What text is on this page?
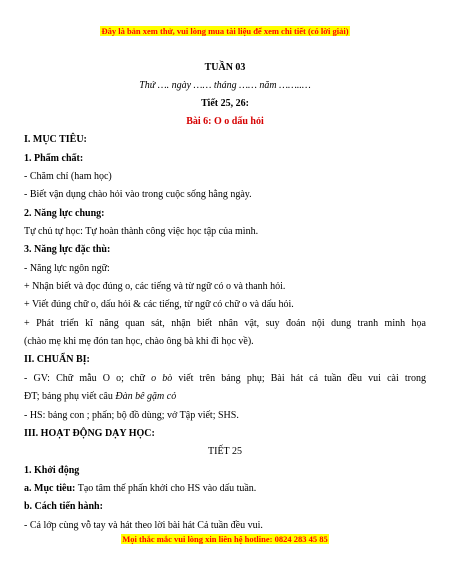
Đây là bản xem thử, vui lòng mua tài liệu để xem chi tiết (có lời giải)
TUẦN 03
Thứ …. ngày …… tháng …… năm ……..…
Tiết 25, 26:
Bài 6: O o dấu hỏi
I. MỤC TIÊU:
1. Phẩm chất:
- Chăm chỉ (ham học)
- Biết vận dụng chào hỏi vào trong cuộc sống hằng ngày.
2. Năng lực chung:
Tự chủ tự học: Tự hoàn thành công việc học tập của mình.
3. Năng lực đặc thù:
- Năng lực ngôn ngữ:
+ Nhận biết và đọc đúng o, các tiếng và từ ngữ có o và thanh hỏi.
+ Viết đúng chữ o, dấu hỏi & các tiếng, từ ngữ có chữ o và dấu hỏi.
+ Phát triển kĩ năng quan sát, nhận biết nhân vật, suy đoán nội dung tranh minh họa
(chào mẹ khi mẹ đón tan học, chào ông bà khi đi học về).
II. CHUẨN BỊ:
- GV: Chữ mẫu O o; chữ o bò viết trên bảng phụ; Bài hát cả tuần đều vui cài trong
ĐT; bảng phụ viết câu Đàn bê gặm cỏ
- HS: bảng con ; phấn; bộ đồ dùng; vở Tập viết; SHS.
III. HOẠT ĐỘNG DẠY HỌC:
TIẾT 25
1. Khởi động
a. Mục tiêu: Tạo tâm thế phấn khởi cho HS vào dấu tuần.
b. Cách tiến hành:
- Cả lớp cùng vỗ tay và hát theo lời bài hát Cả tuần đều vui.
Mọi thắc mắc vui lòng xin liên hệ hotline: 0824 283 45 85
